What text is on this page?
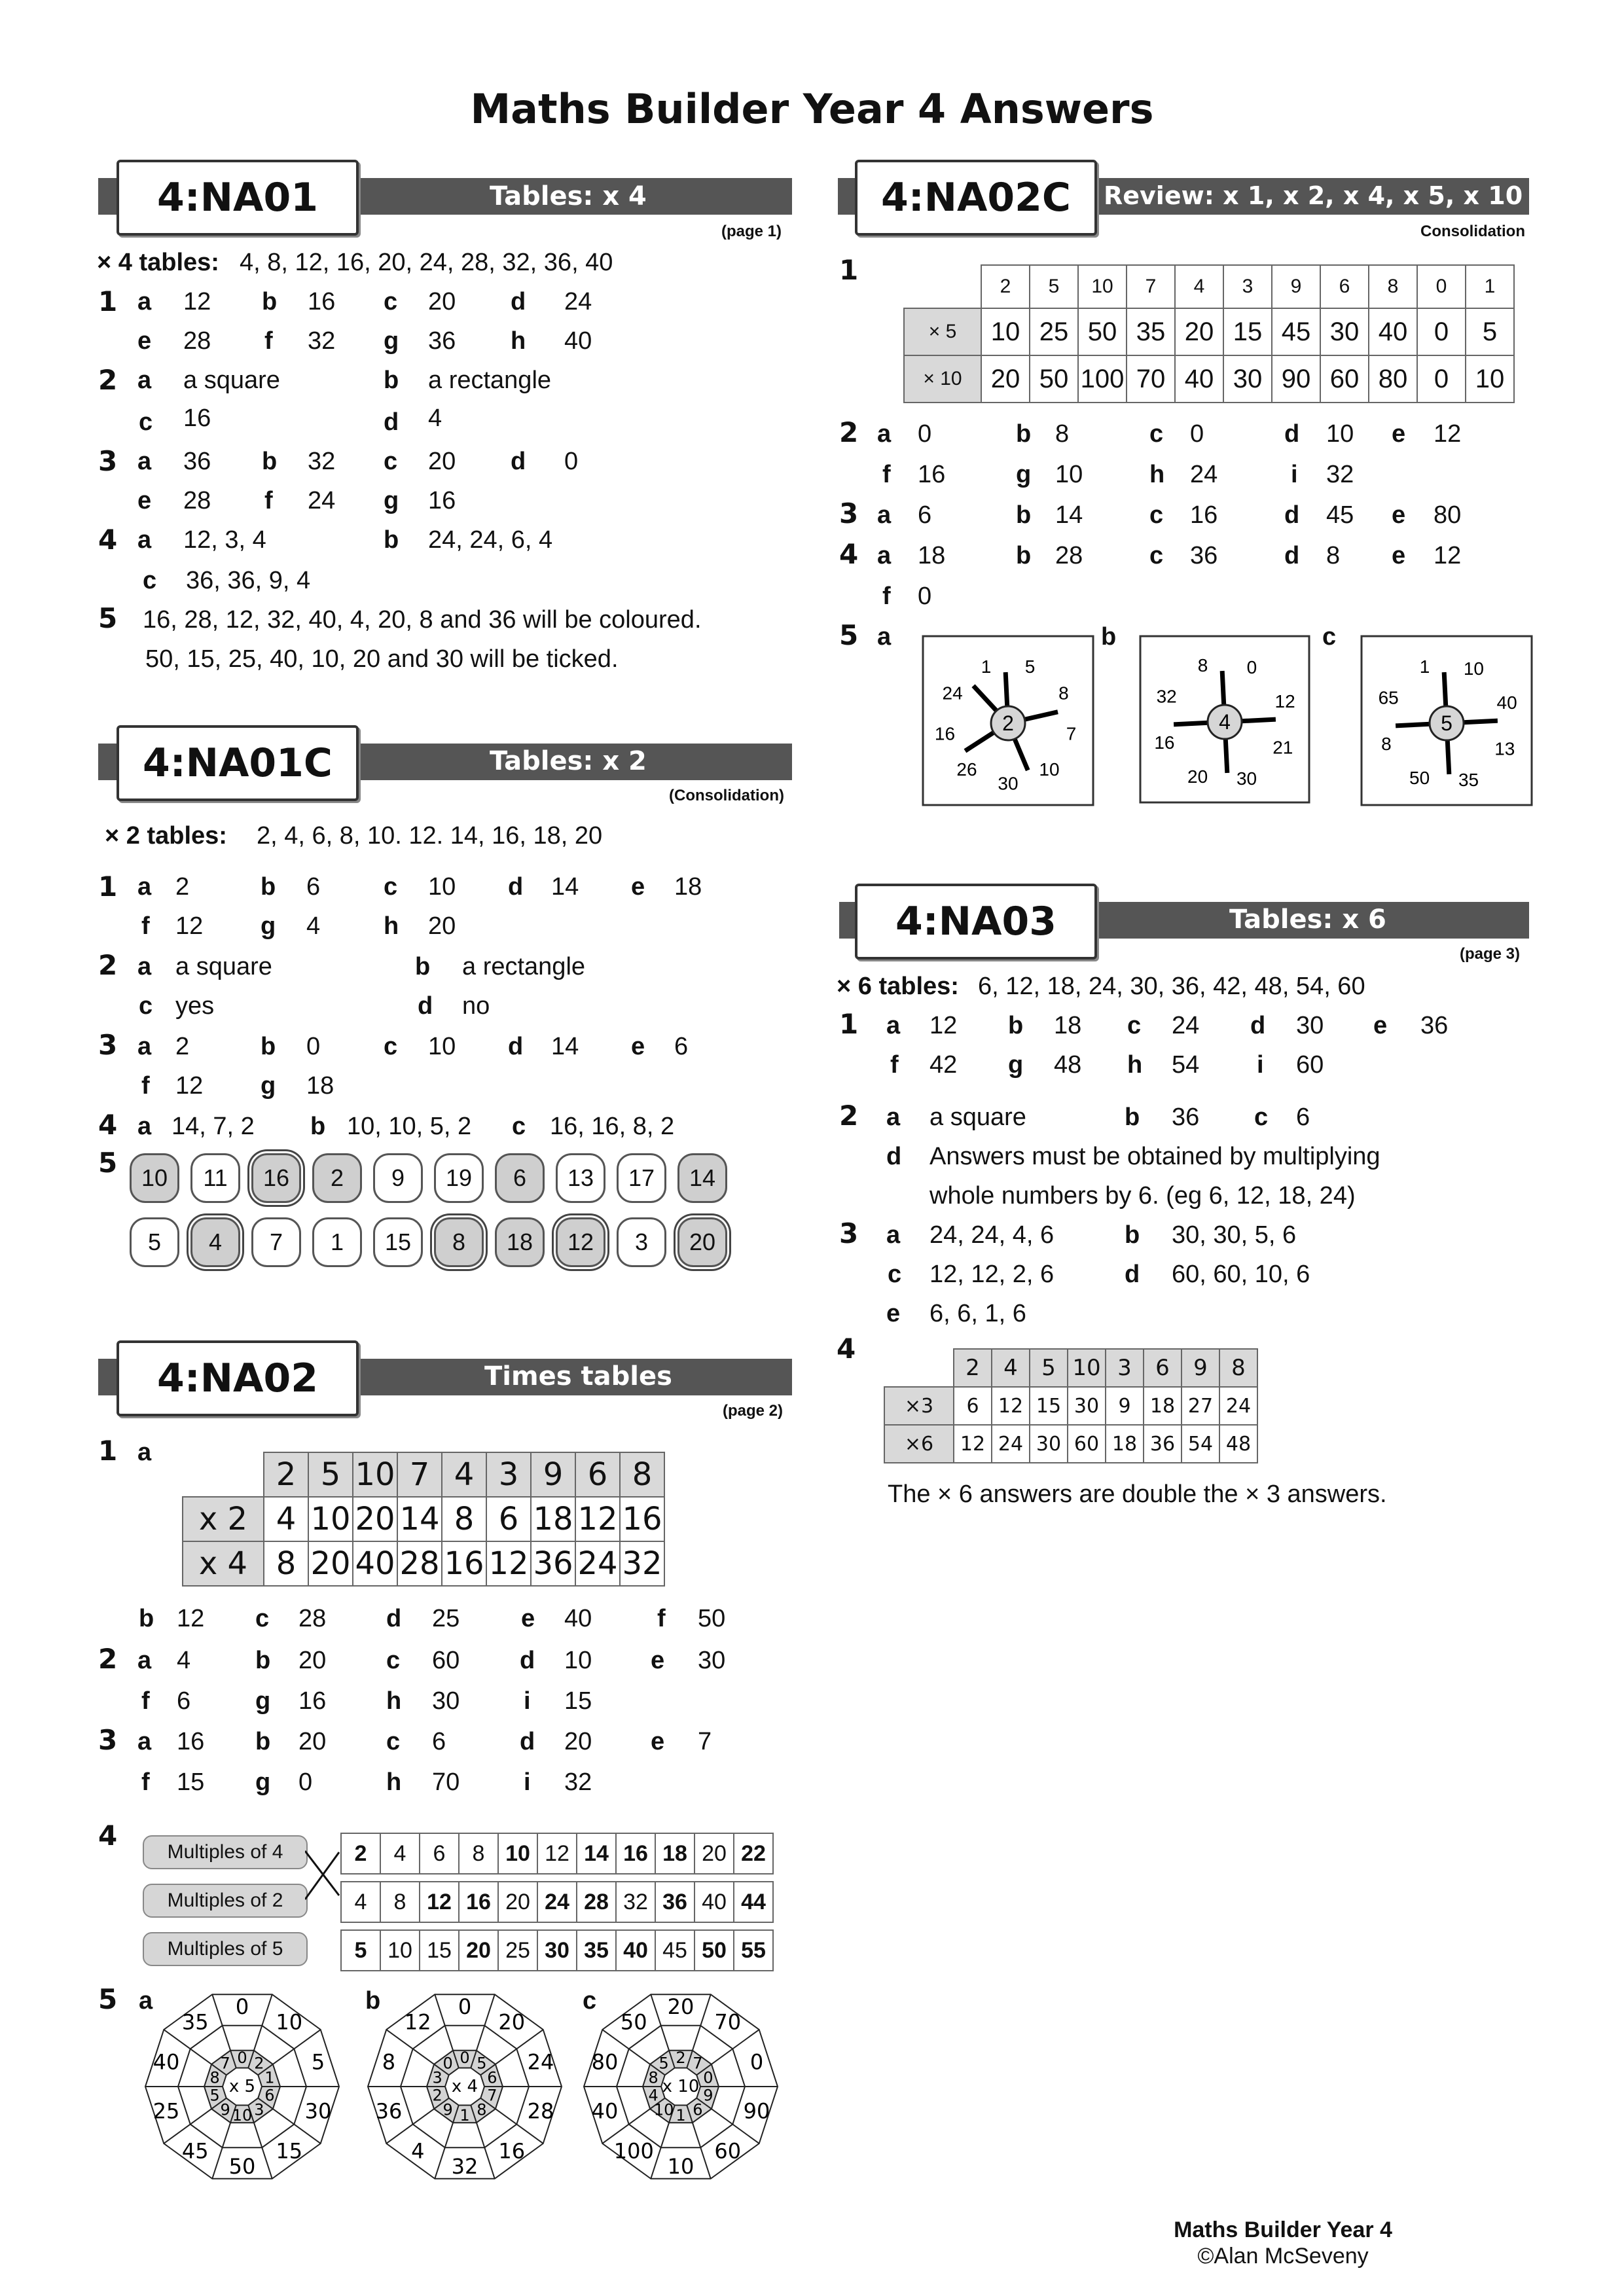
Maths Builder Year 4 Answers
4:NA01	Tables: x 4
(page 1)
× 4 tables: 4, 8, 12, 16, 20, 24, 28, 32, 36, 40
1 a 12 b 16 c 20 d 24
e 28 f 32 g 36 h 40
2 a a square	b a rectangle
c 16	d 4
3 a 36 b 32 c 20 d 0
e 28 f 24 g 16
4 a 12, 3, 4	b 24, 24, 6, 4
c 36, 36, 9, 4
5 16, 28, 12, 32, 40, 4, 20, 8 and 36 will be coloured.
50, 15, 25, 40, 10, 20 and 30 will be ticked.
4:NA01C	Tables: x 2
(Consolidation)
× 2 tables: 2, 4, 6, 8, 10. 12. 14, 16, 18, 20
1 a 2	b 6	c 10 d 14 e 18
f 12 g 4	h 20
2 a a square	b a rectangle
c yes	d no
3 a 2	b 0	c 10 d 14 e 6
f 12 g 18
4 a 14, 7, 2 b 10, 10, 5, 2 c 16, 16, 8, 2
5	10	11	16	2	9	19	6	13	17	14
5	4	7	1	15	8	18	12	3	20
4:NA02	Times tables
(page 2)
1 a
	2	5	10	7	4	3	9	6	8
x 2	4	10	20	14	8	6	18	12	16
x 4	8	20	40	28	16	12	36	24	32
b 12 c 28 d 25 e 40	f 50
2 a 4	b 20 c 60 d 10 e 30
f 6	g 16 h 30	i 15
3 a 16 b 20 c 6	d 20 e 7
f 15 g 0	h 70	i 32
4
Multiples of 4
Multiples of 2
Multiples of 5
2	4	6	8	10	12	14	16	18	20	22
4	8	12	16	20	24	28	32	36	40	44
5	10	15	20	25	30	35	40	45	50	55
5 a	b	c
x 5
0 2
1
6
3
10
9
5
8
7
0
10
5
30
15
50
45
25
40
35
x 4
0 5
6
7
8
1
9
2
3
0
0
20
24
28
16
32
4
36
8
12
x 10
2 7
0
9
6
1
10
4
8
5
20
70
0
90
60
10
100
40
80
50
4:NA02C	Review: x 1, x 2, x 4, x 5, x 10
Consolidation
1
	2	5	10	7	4	3	9	6	8	0	1
× 5	10	25	50	35	20	15	45	30	40	0	5
× 10	20	50	100	70	40	30	90	60	80	0	10
2 a 0	b 8	c 0	d 10 e 12
f 16	g 10	h 24	i 32
3 a 6	b 14	c 16	d 45 e 80
4 a 18	b 28	c 36	d 8 e 12
f 0
5 a	b	c
2
1 5
8
7
10
30
26
16
24
4
8 0
12
21
30
20
16
32
5
1 10
40
13
35
50
8
65
4:NA03	Tables: x 6
(page 3)
× 6 tables: 6, 12, 18, 24, 30, 36, 42, 48, 54, 60
1 a 12 b 18 c 24 d 30 e 36
f 42 g 48 h 54 i 60
2 a a square	b 36 c 6
d Answers must be obtained by multiplying
whole numbers by 6. (eg 6, 12, 18, 24)
3 a 24, 24, 4, 6	b 30, 30, 5, 6
c 12, 12, 2, 6	d 60, 60, 10, 6
e 6, 6, 1, 6
4
	2	4	5	10	3	6	9	8
×3	6	12	15	30	9	18	27	24
×6	12	24	30	60	18	36	54	48
The × 6 answers are double the × 3 answers.
Maths Builder Year 4
©Alan McSeveny
